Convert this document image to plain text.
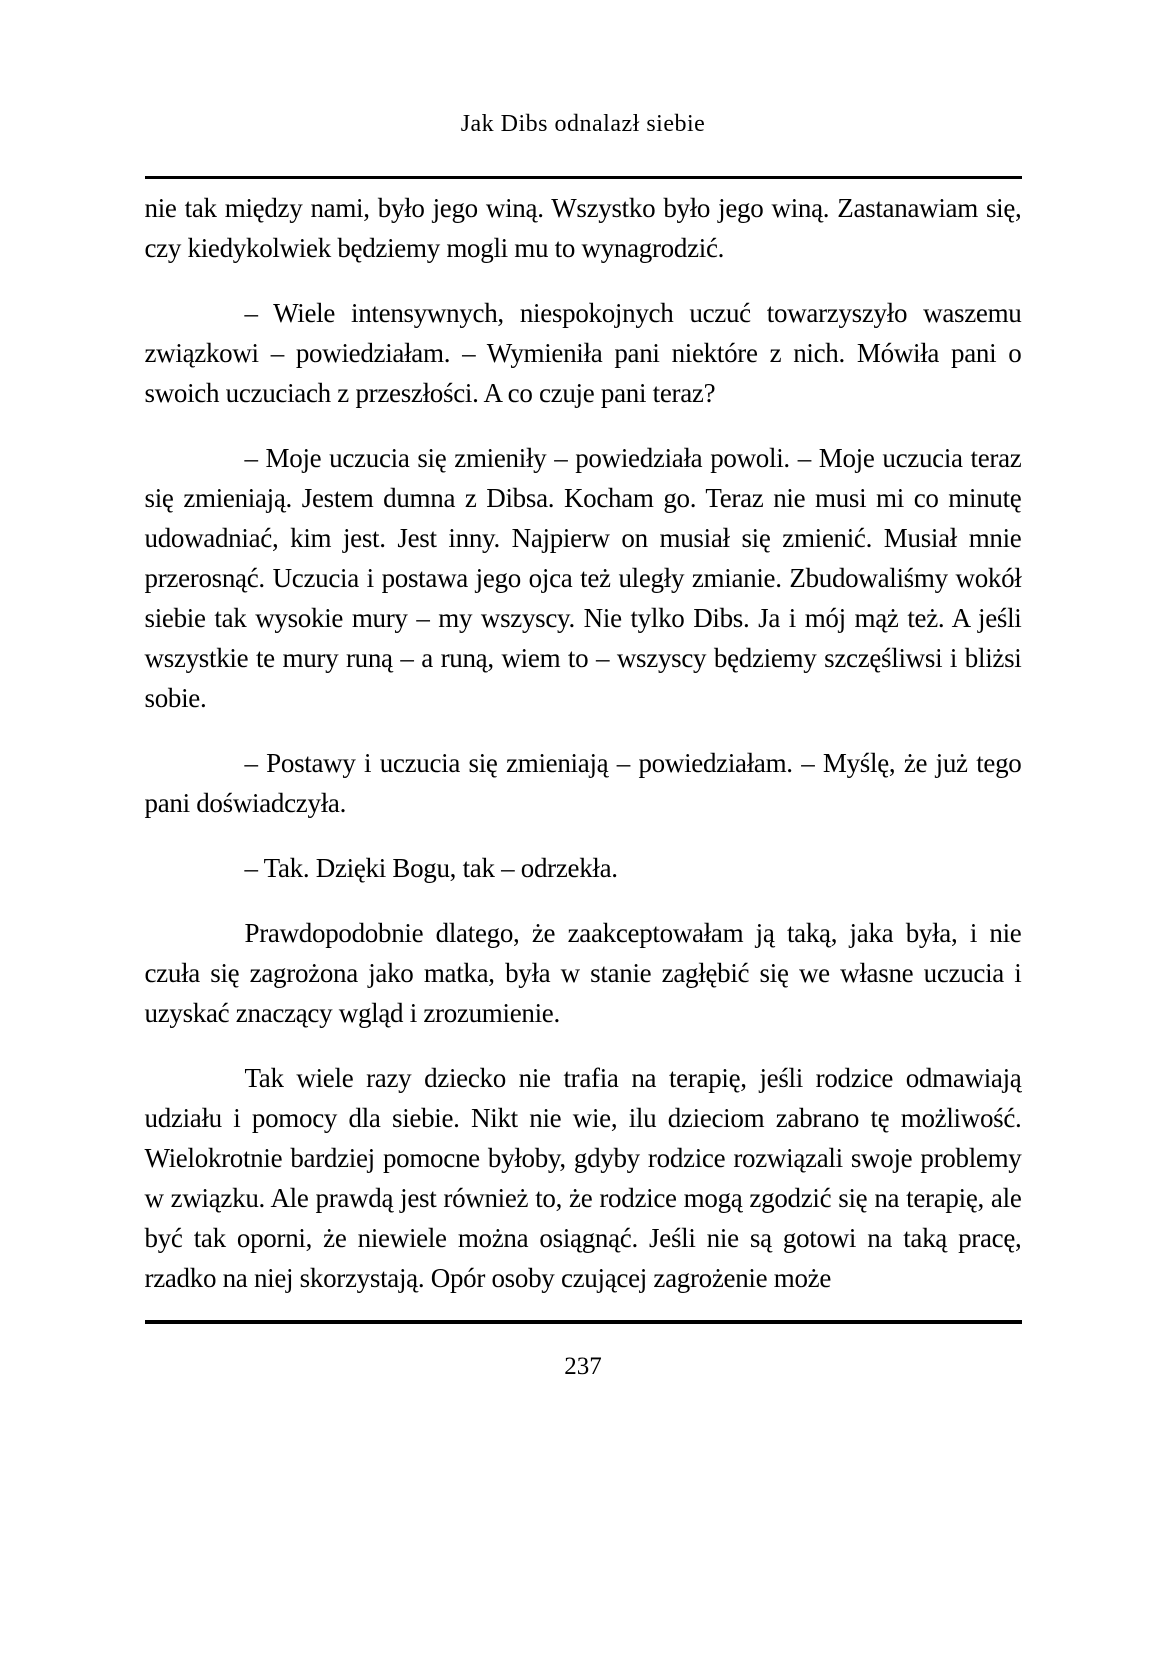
Jak Dibs odnalazł siebie

nie tak między nami, było jego winą. Wszystko było jego winą. Zastanawiam się, czy kiedykolwiek będziemy mogli mu to wynagrodzić.

– Wiele intensywnych, niespokojnych uczuć towarzyszyło waszemu związkowi – powiedziałam. – Wymieniła pani niektóre z nich. Mówiła pani o swoich uczuciach z przeszłości. A co czuje pani teraz?

– Moje uczucia się zmieniły – powiedziała powoli. – Moje uczucia teraz się zmieniają. Jestem dumna z Dibsa. Kocham go. Teraz nie musi mi co minutę udowadniać, kim jest. Jest inny. Najpierw on musiał się zmienić. Musiał mnie przerosnąć. Uczucia i postawa jego ojca też uległy zmianie. Zbudowaliśmy wokół siebie tak wysokie mury – my wszyscy. Nie tylko Dibs. Ja i mój mąż też. A jeśli wszystkie te mury runą – a runą, wiem to – wszyscy będziemy szczęśliwsi i bliżsi sobie.

– Postawy i uczucia się zmieniają – powiedziałam. – Myślę, że już tego pani doświadczyła.

– Tak. Dzięki Bogu, tak – odrzekła.

Prawdopodobnie dlatego, że zaakceptowałam ją taką, jaka była, i nie czuła się zagrożona jako matka, była w stanie zagłębić się we własne uczucia i uzyskać znaczący wgląd i zrozumienie.

Tak wiele razy dziecko nie trafia na terapię, jeśli rodzice odmawiają udziału i pomocy dla siebie. Nikt nie wie, ilu dzieciom zabrano tę możliwość. Wielokrotnie bardziej pomocne byłoby, gdyby rodzice rozwiązali swoje problemy w związku. Ale prawdą jest również to, że rodzice mogą zgodzić się na terapię, ale być tak oporni, że niewiele można osiągnąć. Jeśli nie są gotowi na taką pracę, rzadko na niej skorzystają. Opór osoby czującej zagrożenie może

237
